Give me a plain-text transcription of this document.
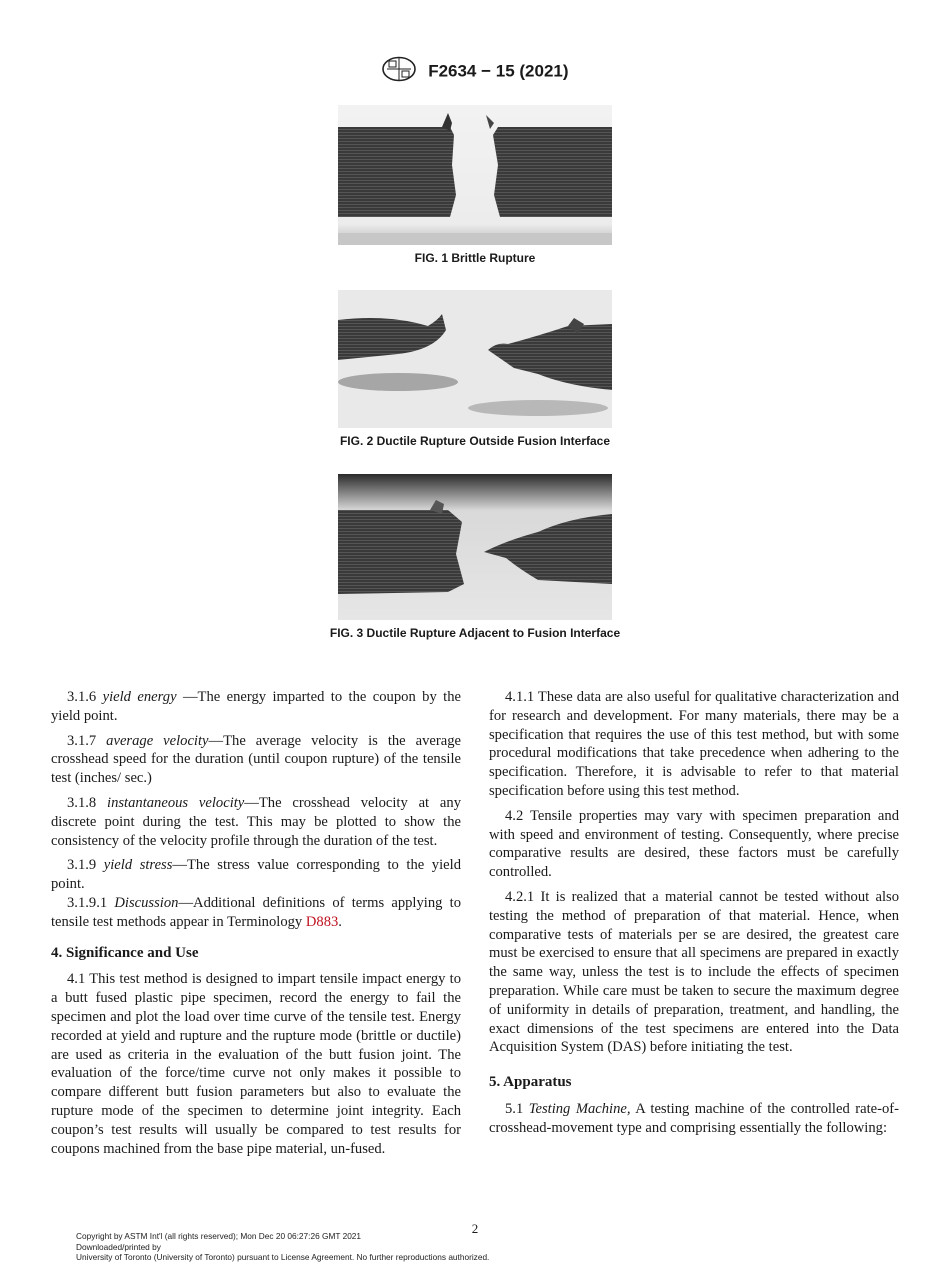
F2634 − 15 (2021)
FIG. 1 Brittle Rupture
FIG. 2 Ductile Rupture Outside Fusion Interface
FIG. 3 Ductile Rupture Adjacent to Fusion Interface

3.1.6 yield energy —The energy imparted to the coupon by the yield point.

3.1.7 average velocity—The average velocity is the average crosshead speed for the duration (until coupon rupture) of the tensile test (inches/ sec.)

3.1.8 instantaneous velocity—The crosshead velocity at any discrete point during the test. This may be plotted to show the consistency of the velocity profile through the duration of the test.

3.1.9 yield stress—The stress value corresponding to the yield point.

3.1.9.1 Discussion—Additional definitions of terms applying to tensile test methods appear in Terminology D883.

4. Significance and Use

4.1 This test method is designed to impart tensile impact energy to a butt fused plastic pipe specimen, record the energy to fail the specimen and plot the load over time curve of the tensile test. Energy recorded at yield and rupture and the rupture mode (brittle or ductile) are used as criteria in the evaluation of the butt fusion joint. The evaluation of the force/time curve not only makes it possible to compare different butt fusion parameters but also to evaluate the rupture mode of the specimen to determine joint integrity. Each coupon’s test results will usually be compared to test results for coupons machined from the base pipe material, un-fused.

4.1.1 These data are also useful for qualitative characterization and for research and development. For many materials, there may be a specification that requires the use of this test method, but with some procedural modifications that take precedence when adhering to the specification. Therefore, it is advisable to refer to that material specification before using this test method.

4.2 Tensile properties may vary with specimen preparation and with speed and environment of testing. Consequently, where precise comparative results are desired, these factors must be carefully controlled.

4.2.1 It is realized that a material cannot be tested without also testing the method of preparation of that material. Hence, when comparative tests of materials per se are desired, the greatest care must be exercised to ensure that all specimens are prepared in exactly the same way, unless the test is to include the effects of specimen preparation. While care must be taken to secure the maximum degree of uniformity in details of preparation, treatment, and handling, the exact dimensions of the test specimens are entered into the Data Acquisition System (DAS) before initiating the test.

5. Apparatus

5.1 Testing Machine, A testing machine of the controlled rate-of-crosshead-movement type and comprising essentially the following:

2
Copyright by ASTM Int'l (all rights reserved); Mon Dec 20 06:27:26 GMT 2021
Downloaded/printed by
University of Toronto (University of Toronto) pursuant to License Agreement. No further reproductions authorized.
